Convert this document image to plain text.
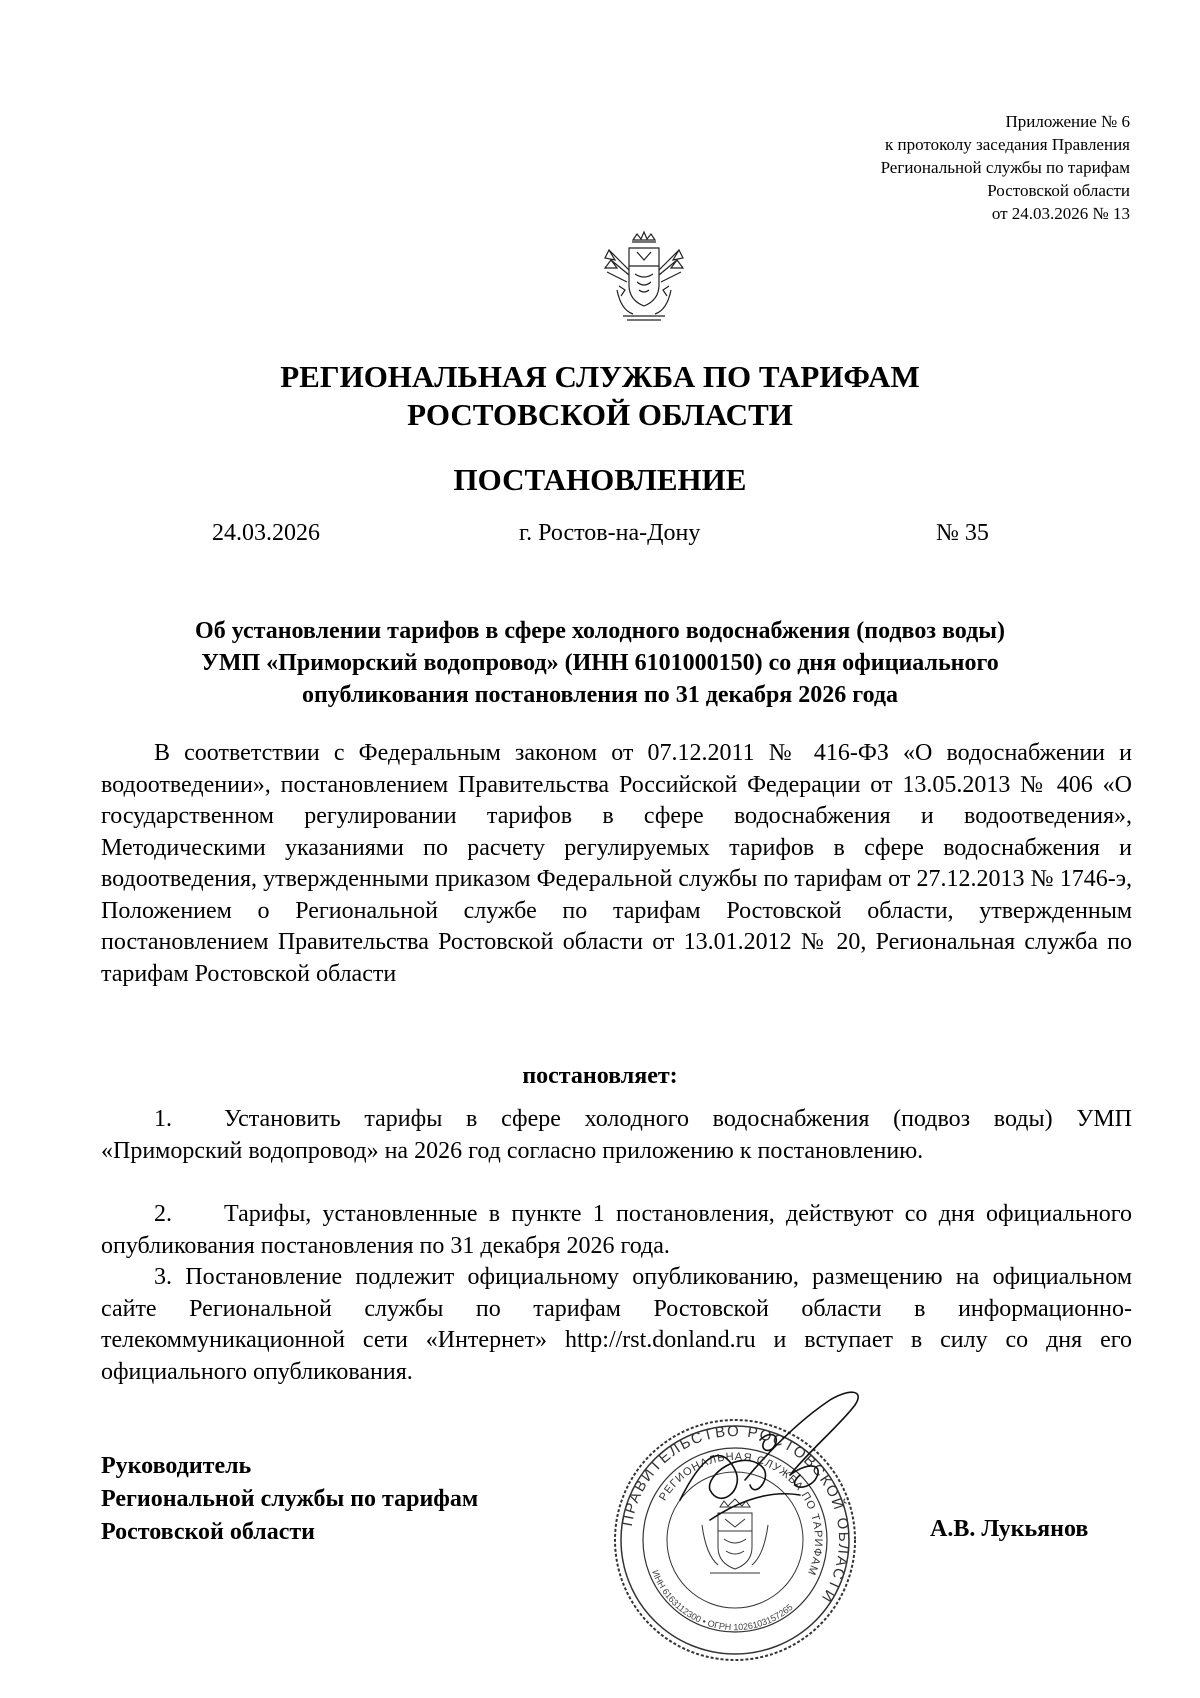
Приложение № 6
к протоколу заседания Правления
Региональной службы по тарифам
Ростовской области
от 24.03.2026 № 13
РЕГИОНАЛЬНАЯ СЛУЖБА ПО ТАРИФАМ
РОСТОВСКОЙ ОБЛАСТИ
ПОСТАНОВЛЕНИЕ
24.03.2026	г. Ростов-на-Дону	№ 35
Об установлении тарифов в сфере холодного водоснабжения (подвоз воды)
УМП «Приморский водопровод» (ИНН 6101000150) со дня официального
опубликования постановления по 31 декабря 2026 года
В соответствии с Федеральным законом от 07.12.2011 № 416-ФЗ «О водоснабжении и водоотведении», постановлением Правительства Российской Федерации от 13.05.2013 № 406 «О государственном регулировании тарифов в сфере водоснабжения и водоотведения», Методическими указаниями по расчету регулируемых тарифов в сфере водоснабжения и водоотведения, утвержденными приказом Федеральной службы по тарифам от 27.12.2013 № 1746-э, Положением о Региональной службе по тарифам Ростовской области, утвержденным постановлением Правительства Ростовской области от 13.01.2012 № 20, Региональная служба по тарифам Ростовской области
постановляет:
1. Установить тарифы в сфере холодного водоснабжения (подвоз воды) УМП «Приморский водопровод» на 2026 год согласно приложению к постановлению.
2. Тарифы, установленные в пункте 1 постановления, действуют со дня официального опубликования постановления по 31 декабря 2026 года.
3. Постановление подлежит официальному опубликованию, размещению на официальном сайте Региональной службы по тарифам Ростовской области в информационно-телекоммуникационной сети «Интернет» http://rst.donland.ru и вступает в силу со дня его официального опубликования.
Руководитель
Региональной службы по тарифам
Ростовской области	А.В. Лукьянов
ПРАВИТЕЛЬСТВО РОСТОВСКОЙ ОБЛАСТИ
РЕГИОНАЛЬНАЯ СЛУЖБА ПО ТАРИФАМ
ИНН 6163112300 • ОГРН 1026103157265
